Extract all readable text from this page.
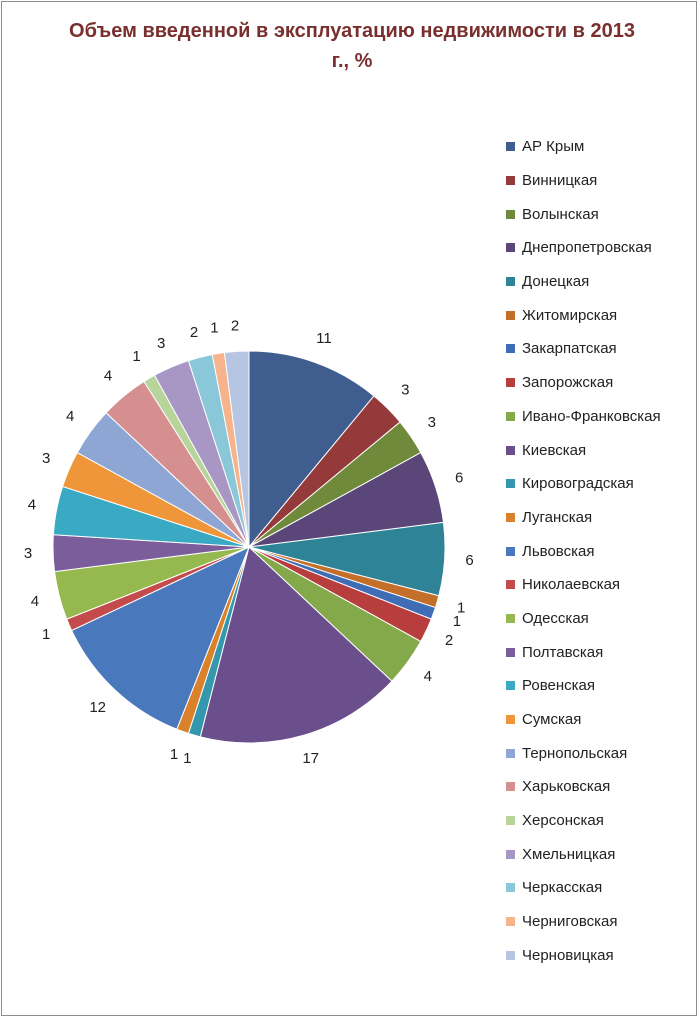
Объем введенной в эксплуатацию недвижимости в 2013 г., %
11
3
3
6
6
1
1
2
4
17
1
1
12
1
4
3
4
3
4
4
1
3
2 1 2
АР Крым
Винницкая
Волынская
Днепропетровская
Донецкая
Житомирская
Закарпатская
Запорожская
Ивано-Франковская
Киевская
Кировоградская
Луганская
Львовская
Николаевская
Одесская
Полтавская
Ровенская
Сумская
Тернопольская
Харьковская
Херсонская
Хмельницкая
Черкасская
Черниговская
Черновицкая
